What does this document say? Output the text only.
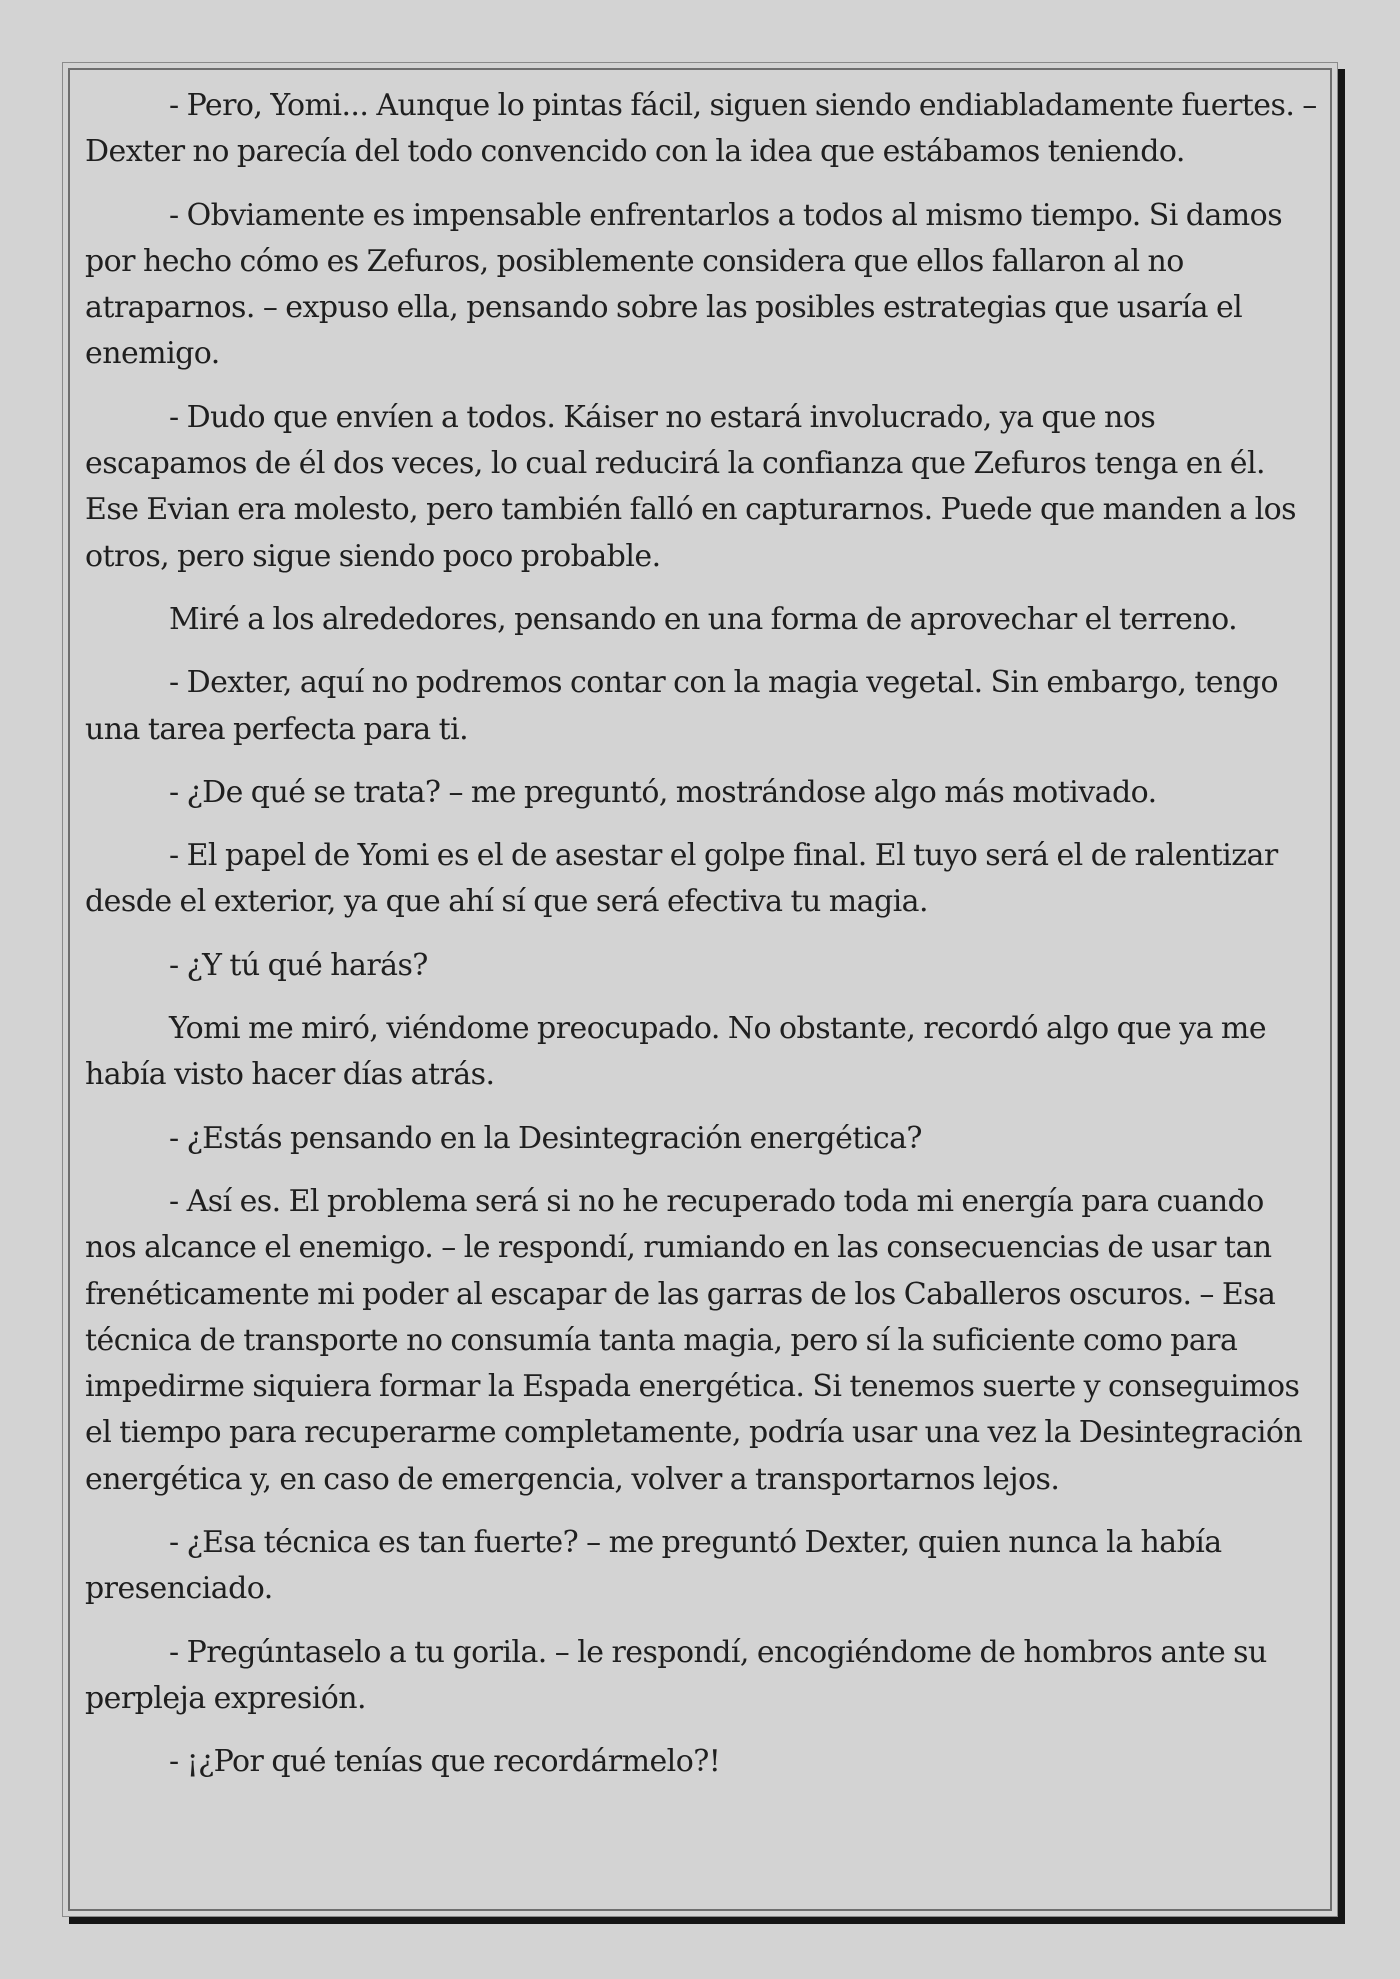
- Pero, Yomi... Aunque lo pintas fácil, siguen siendo endiabladamente fuertes. – Dexter no parecía del todo convencido con la idea que estábamos teniendo.

- Obviamente es impensable enfrentarlos a todos al mismo tiempo. Si damos por hecho cómo es Zefuros, posiblemente considera que ellos fallaron al no atraparnos. – expuso ella, pensando sobre las posibles estrategias que usaría el enemigo.

- Dudo que envíen a todos. Káiser no estará involucrado, ya que nos escapamos de él dos veces, lo cual reducirá la confianza que Zefuros tenga en él. Ese Evian era molesto, pero también falló en capturarnos. Puede que manden a los otros, pero sigue siendo poco probable.

Miré a los alrededores, pensando en una forma de aprovechar el terreno.

- Dexter, aquí no podremos contar con la magia vegetal. Sin embargo, tengo una tarea perfecta para ti.

- ¿De qué se trata? – me preguntó, mostrándose algo más motivado.

- El papel de Yomi es el de asestar el golpe final. El tuyo será el de ralentizar desde el exterior, ya que ahí sí que será efectiva tu magia.

- ¿Y tú qué harás?

Yomi me miró, viéndome preocupado. No obstante, recordó algo que ya me había visto hacer días atrás.

- ¿Estás pensando en la Desintegración energética?

- Así es. El problema será si no he recuperado toda mi energía para cuando nos alcance el enemigo. – le respondí, rumiando en las consecuencias de usar tan frenéticamente mi poder al escapar de las garras de los Caballeros oscuros. – Esa técnica de transporte no consumía tanta magia, pero sí la suficiente como para impedirme siquiera formar la Espada energética. Si tenemos suerte y conseguimos el tiempo para recuperarme completamente, podría usar una vez la Desintegración energética y, en caso de emergencia, volver a transportarnos lejos.

- ¿Esa técnica es tan fuerte? – me preguntó Dexter, quien nunca la había presenciado.

- Pregúntaselo a tu gorila. – le respondí, encogiéndome de hombros ante su perpleja expresión.

- ¡¿Por qué tenías que recordármelo?!
